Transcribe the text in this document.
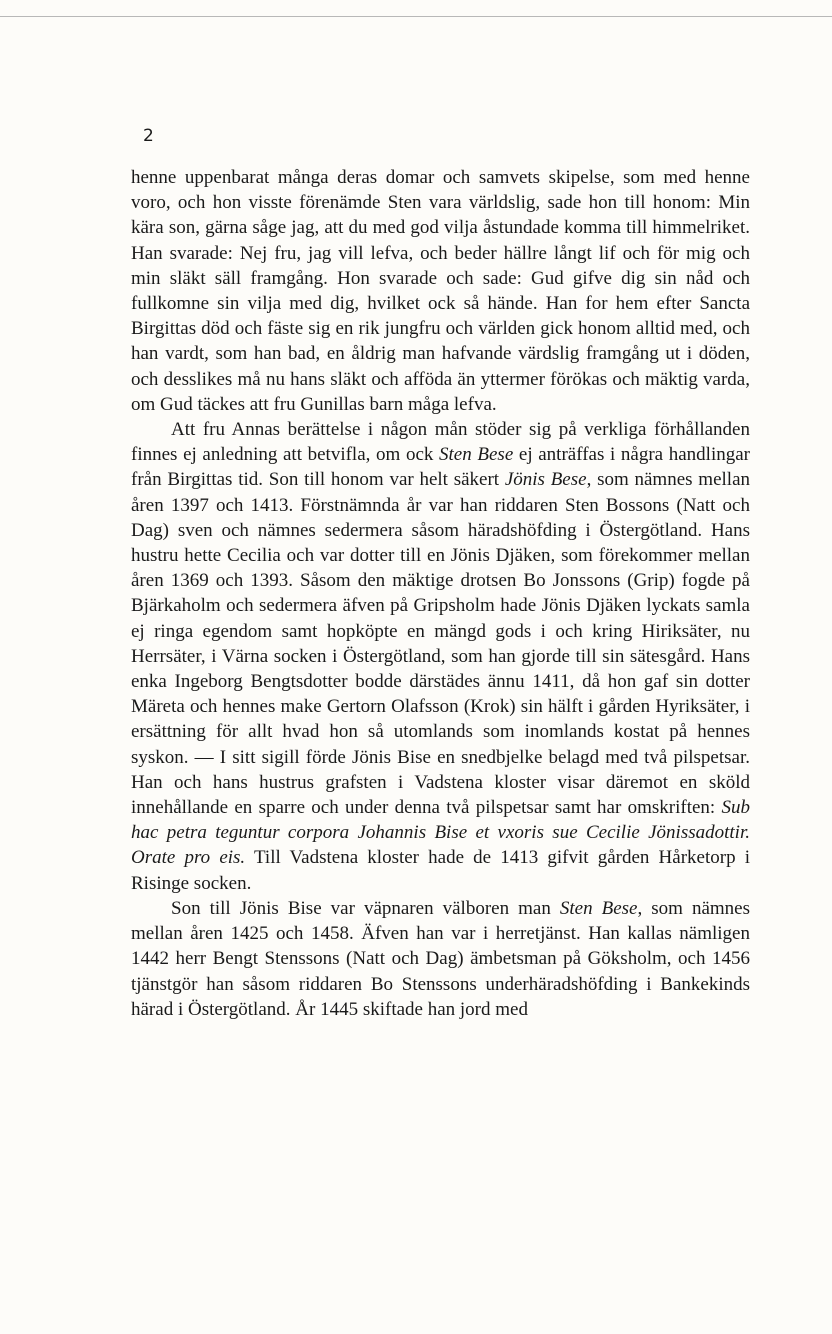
2

henne uppenbarat många deras domar och samvets skipelse, som med henne voro, och hon visste förenämde Sten vara världslig, sade hon till honom: Min kära son, gärna såge jag, att du med god vilja åstundade komma till himmelriket. Han svarade: Nej fru, jag vill lefva, och beder hällre långt lif och för mig och min släkt säll framgång. Hon svarade och sade: Gud gifve dig sin nåd och fullkomne sin vilja med dig, hvilket ock så hände. Han for hem efter Sancta Birgittas död och fäste sig en rik jungfru och världen gick honom alltid med, och han vardt, som han bad, en åldrig man hafvande värdslig framgång ut i döden, och desslikes må nu hans släkt och afföda än yttermer förökas och mäktig varda, om Gud täckes att fru Gunillas barn måga lefva.

Att fru Annas berättelse i någon mån stöder sig på verkliga förhållanden finnes ej anledning att betvifla, om ock Sten Bese ej anträffas i några handlingar från Birgittas tid. Son till honom var helt säkert Jönis Bese, som nämnes mellan åren 1397 och 1413. Förstnämnda år var han riddaren Sten Bossons (Natt och Dag) sven och nämnes sedermera såsom häradshöfding i Östergötland. Hans hustru hette Cecilia och var dotter till en Jönis Djäken, som förekommer mellan åren 1369 och 1393. Såsom den mäktige drotsen Bo Jonssons (Grip) fogde på Bjärkaholm och sedermera äfven på Gripsholm hade Jönis Djäken lyckats samla ej ringa egendom samt hopköpte en mängd gods i och kring Hiriksäter, nu Herrsäter, i Värna socken i Östergötland, som han gjorde till sin sätesgård. Hans enka Ingeborg Bengtsdotter bodde därstädes ännu 1411, då hon gaf sin dotter Märeta och hennes make Gertorn Olafsson (Krok) sin hälft i gården Hyriksäter, i ersättning för allt hvad hon så utomlands som inomlands kostat på hennes syskon. — I sitt sigill förde Jönis Bise en snedbjelke belagd med två pilspetsar. Han och hans hustrus grafsten i Vadstena kloster visar däremot en sköld innehållande en sparre och under denna två pilspetsar samt har omskriften: Sub hac petra teguntur corpora Johannis Bise et vxoris sue Cecilie Jönissadottir. Orate pro eis. Till Vadstena kloster hade de 1413 gifvit gården Hårketorp i Risinge socken.

Son till Jönis Bise var väpnaren välboren man Sten Bese, som nämnes mellan åren 1425 och 1458. Äfven han var i herretjänst. Han kallas nämligen 1442 herr Bengt Stenssons (Natt och Dag) ämbetsman på Göksholm, och 1456 tjänstgör han såsom riddaren Bo Stenssons underhäradshöfding i Bankekinds härad i Östergötland. År 1445 skiftade han jord med
